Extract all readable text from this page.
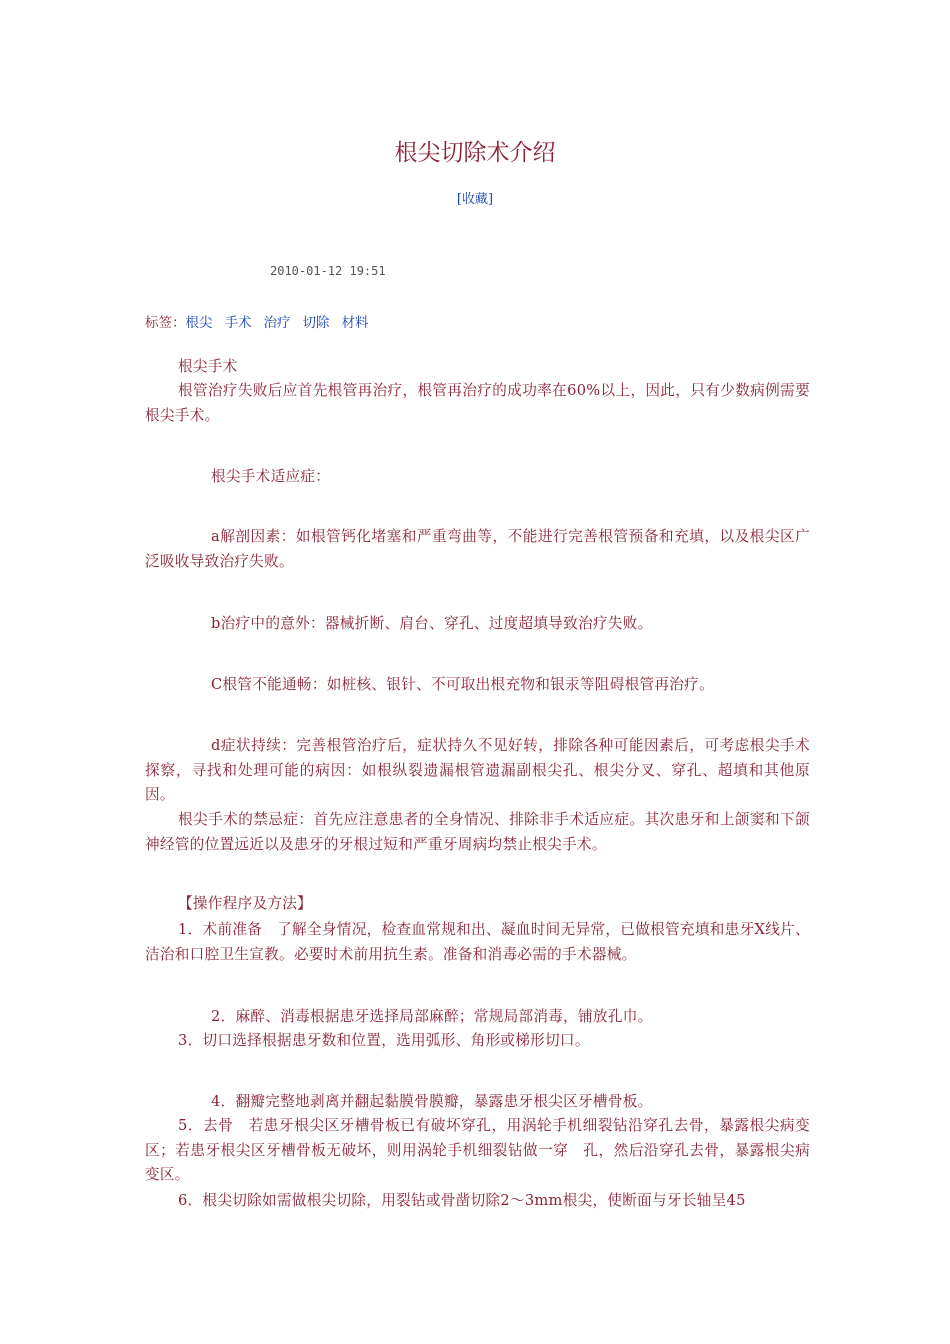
根尖切除术介绍
[收藏]
2010-01-12 19:51
标签：根尖 手术 治疗 切除 材料
根尖手术
根管治疗失败后应首先根管再治疗，根管再治疗的成功率在60%以上，因此，只有少数病例需要根尖手术。
根尖手术适应症：
a解剖因素：如根管钙化堵塞和严重弯曲等，不能进行完善根管预备和充填，以及根尖区广泛吸收导致治疗失败。
b治疗中的意外：器械折断、肩台、穿孔、过度超填导致治疗失败。
C根管不能通畅：如桩核、银针、不可取出根充物和银汞等阻碍根管再治疗。
d症状持续：完善根管治疗后，症状持久不见好转，排除各种可能因素后，可考虑根尖手术探察，寻找和处理可能的病因：如根纵裂遗漏根管遗漏副根尖孔、根尖分叉、穿孔、超填和其他原因。
根尖手术的禁忌症：首先应注意患者的全身情况、排除非手术适应症。其次患牙和上颌窦和下颌神经管的位置远近以及患牙的牙根过短和严重牙周病均禁止根尖手术。
【操作程序及方法】
1．术前准备　了解全身情况，检查血常规和出、凝血时间无异常，已做根管充填和患牙X线片、洁治和口腔卫生宣教。必要时术前用抗生素。准备和消毒必需的手术器械。
2．麻醉、消毒根据患牙选择局部麻醉；常规局部消毒，铺放孔巾。
3．切口选择根据患牙数和位置，选用弧形、角形或梯形切口。
4．翻瓣完整地剥离并翻起黏膜骨膜瓣，暴露患牙根尖区牙槽骨板。
5．去骨　若患牙根尖区牙槽骨板已有破坏穿孔，用涡轮手机细裂钻沿穿孔去骨，暴露根尖病变区；若患牙根尖区牙槽骨板无破坏，则用涡轮手机细裂钻做一穿　孔，然后沿穿孔去骨，暴露根尖病变区。
6．根尖切除如需做根尖切除，用裂钻或骨凿切除2～3mm根尖，使断面与牙长轴呈45
